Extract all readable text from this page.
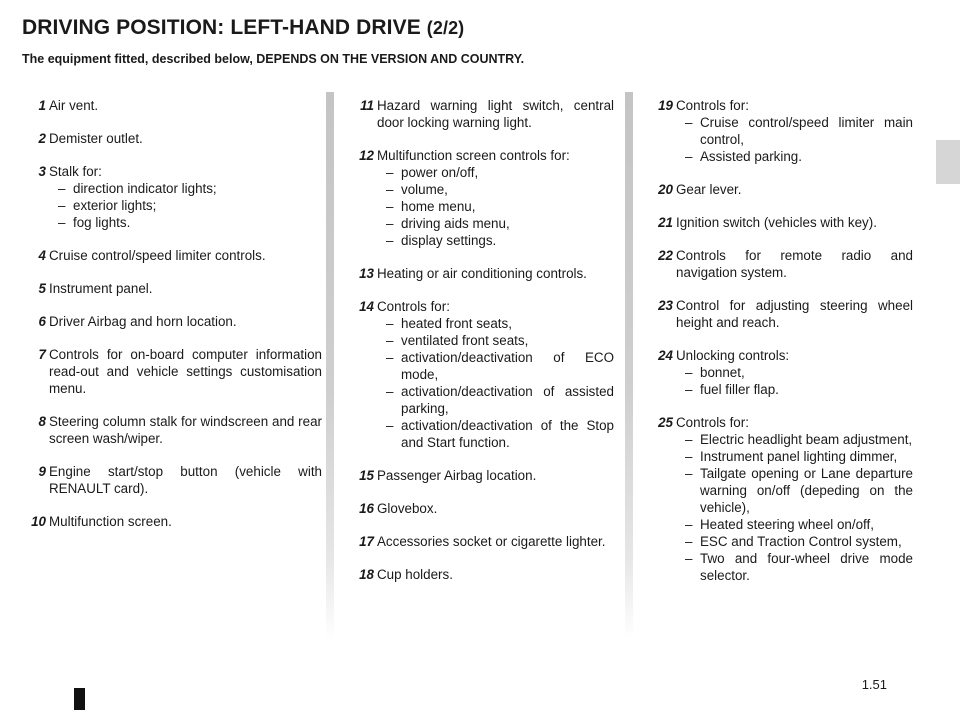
DRIVING POSITION: LEFT-HAND DRIVE (2/2)
The equipment fitted, described below, DEPENDS ON THE VERSION AND COUNTRY.
1 Air vent.
2 Demister outlet.
3 Stalk for:
– direction indicator lights;
– exterior lights;
– fog lights.
4 Cruise control/speed limiter controls.
5 Instrument panel.
6 Driver Airbag and horn location.
7 Controls for on-board computer information read-out and vehicle settings customisation menu.
8 Steering column stalk for windscreen and rear screen wash/wiper.
9 Engine start/stop button (vehicle with RENAULT card).
10 Multifunction screen.
11 Hazard warning light switch, central door locking warning light.
12 Multifunction screen controls for:
– power on/off,
– volume,
– home menu,
– driving aids menu,
– display settings.
13 Heating or air conditioning controls.
14 Controls for:
– heated front seats,
– ventilated front seats,
– activation/deactivation of ECO mode,
– activation/deactivation of assisted parking,
– activation/deactivation of the Stop and Start function.
15 Passenger Airbag location.
16 Glovebox.
17 Accessories socket or cigarette lighter.
18 Cup holders.
19 Controls for:
– Cruise control/speed limiter main control,
– Assisted parking.
20 Gear lever.
21 Ignition switch (vehicles with key).
22 Controls for remote radio and navigation system.
23 Control for adjusting steering wheel height and reach.
24 Unlocking controls:
– bonnet,
– fuel filler flap.
25 Controls for:
– Electric headlight beam adjustment,
– Instrument panel lighting dimmer,
– Tailgate opening or Lane departure warning on/off (depeding on the vehicle),
– Heated steering wheel on/off,
– ESC and Traction Control system,
– Two and four-wheel drive mode selector.
1.51
